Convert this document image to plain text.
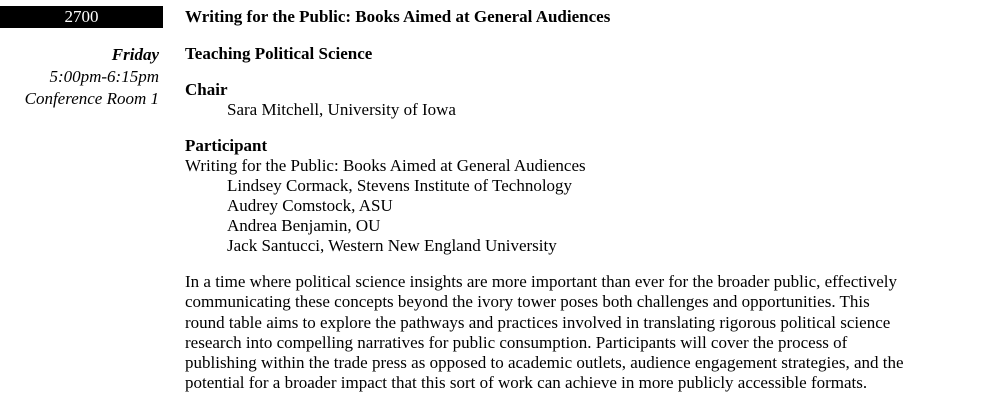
2700
Friday
5:00pm-6:15pm
Conference Room 1
Writing for the Public: Books Aimed at General Audiences
Teaching Political Science
Chair
Sara Mitchell, University of Iowa
Participant
Writing for the Public: Books Aimed at General Audiences
Lindsey Cormack, Stevens Institute of Technology
Audrey Comstock, ASU
Andrea Benjamin, OU
Jack Santucci, Western New England University
In a time where political science insights are more important than ever for the broader public, effectively
communicating these concepts beyond the ivory tower poses both challenges and opportunities. This
round table aims to explore the pathways and practices involved in translating rigorous political science
research into compelling narratives for public consumption. Participants will cover the process of
publishing within the trade press as opposed to academic outlets, audience engagement strategies, and the
potential for a broader impact that this sort of work can achieve in more publicly accessible formats.
